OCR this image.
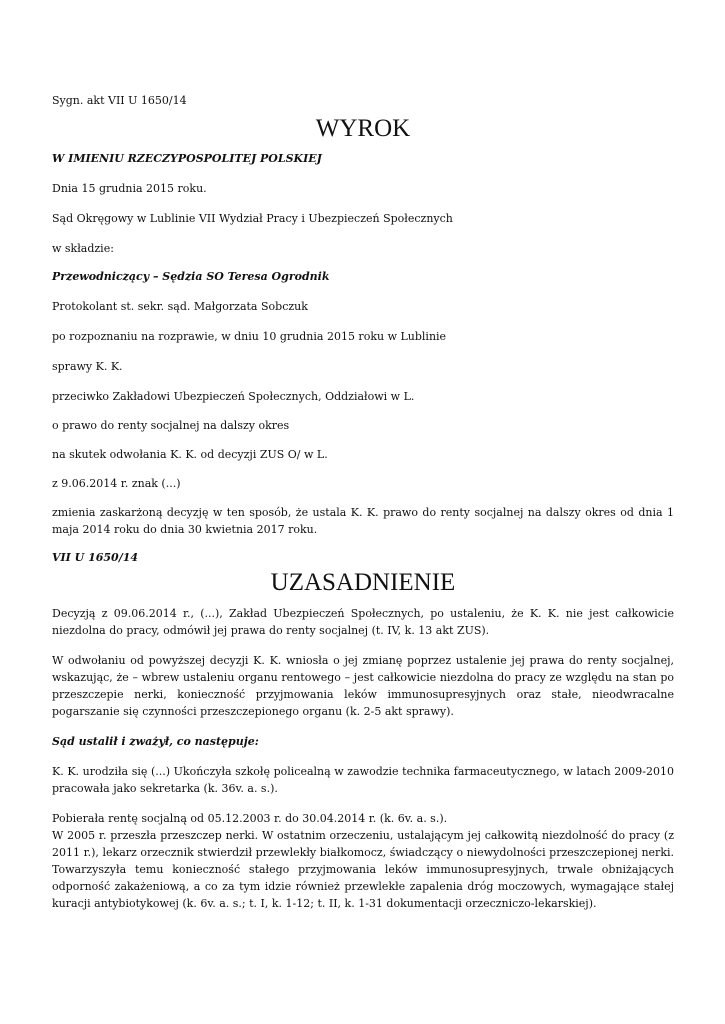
Sygn. akt VII U 1650/14
WYROK
W IMIENIU RZECZYPOSPOLITEJ POLSKIEJ
Dnia 15 grudnia 2015 roku.
Sąd Okręgowy w Lublinie VII Wydział Pracy i Ubezpieczeń Społecznych
w składzie:
Przewodniczący – Sędzia SO Teresa Ogrodnik
Protokolant st. sekr. sąd. Małgorzata Sobczuk
po rozpoznaniu na rozprawie, w dniu 10 grudnia 2015 roku w Lublinie
sprawy K. K.
przeciwko Zakładowi Ubezpieczeń Społecznych, Oddziałowi w L.
o prawo do renty socjalnej na dalszy okres
na skutek odwołania K. K. od decyzji ZUS O/ w L.
z 9.06.2014 r. znak (...)
zmienia zaskarżoną decyzję w ten sposób, że ustala K. K. prawo do renty socjalnej na dalszy okres od dnia 1 maja 2014 roku do dnia 30 kwietnia 2017 roku.
VII U 1650/14
UZASADNIENIE
Decyzją z 09.06.2014 r., (...), Zakład Ubezpieczeń Społecznych, po ustaleniu, że K. K. nie jest całkowicie niezdolna do pracy, odmówił jej prawa do renty socjalnej (t. IV, k. 13 akt ZUS).
W odwołaniu od powyższej decyzji K. K. wniosła o jej zmianę poprzez ustalenie jej prawa do renty socjalnej, wskazując, że – wbrew ustaleniu organu rentowego – jest całkowicie niezdolna do pracy ze względu na stan po przeszczepie nerki, konieczność przyjmowania leków immunosupresyjnych oraz stałe, nieodwracalne pogarszanie się czynności przeszczepionego organu (k. 2-5 akt sprawy).
Sąd ustalił i zważył, co następuje:
K. K. urodziła się (...) Ukończyła szkołę policealną w zawodzie technika farmaceutycznego, w latach 2009-2010 pracowała jako sekretarka (k. 36v. a. s.).
Pobierała rentę socjalną od 05.12.2003 r. do 30.04.2014 r. (k. 6v. a. s.).
W 2005 r. przeszła przeszczep nerki. W ostatnim orzeczeniu, ustalającym jej całkowitą niezdolność do pracy (z 2011 r.), lekarz orzecznik stwierdził przewlekły białkomocz, świadczący o niewydolności przeszczepionej nerki. Towarzyszyła temu konieczność stałego przyjmowania leków immunosupresyjnych, trwale obniżających odporność zakażeniową, a co za tym idzie również przewlekłe zapalenia dróg moczowych, wymagające stałej kuracji antybiotykowej (k. 6v. a. s.; t. I, k. 1-12; t. II, k. 1-31 dokumentacji orzeczniczo-lekarskiej).
